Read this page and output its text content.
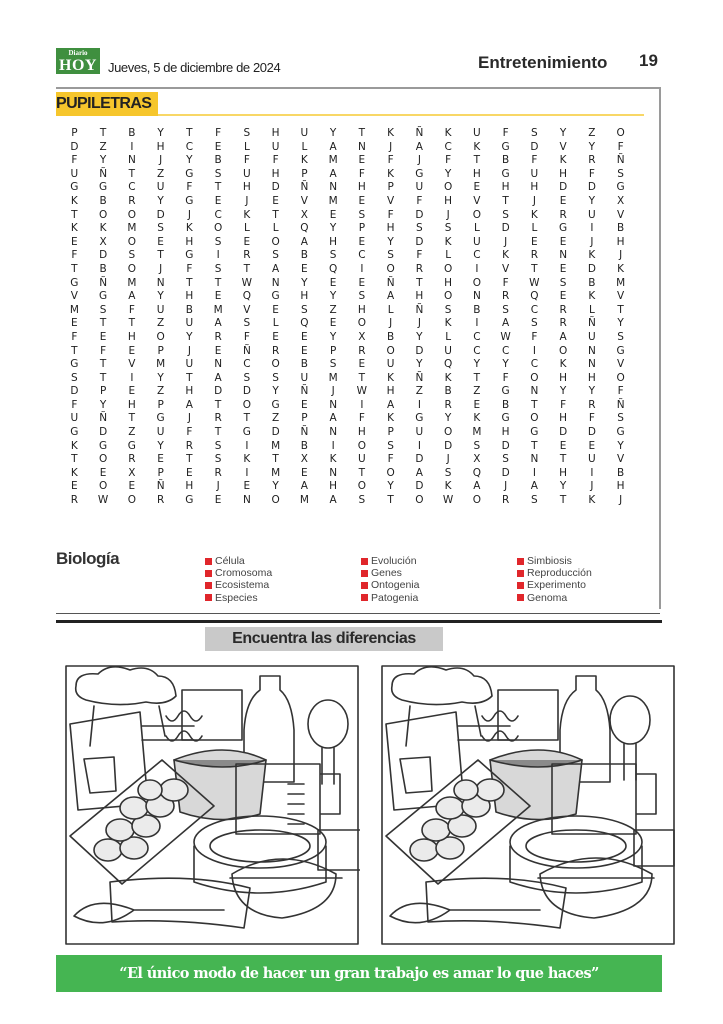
Diario
HOY Jueves, 5 de diciembre de 2024	Entretenimiento 19
PUPILETRAS
P	T	B	Y	T	F	S	H	U	Y	T	K	Ñ	K	U	F	S	Y	Z	O
D	Z	I	H	C	E	L	U	L	A	N	J	A	C	K	G	D	V	Y	F
F	Y	N	J	Y	B	F	F	K	M	E	F	J	F	T	B	F	K	R	Ñ
U	Ñ	T	Z	G	S	U	H	P	A	F	K	G	Y	H	G	U	H	F	S
G	G	C	U	F	T	H	D	Ñ	N	H	P	U	O	E	H	H	D	D	G
K	B	R	Y	G	E	J	E	V	M	E	V	F	H	V	T	J	E	Y	X
T	O	O	D	J	C	K	T	X	E	S	F	D	J	O	S	K	R	U	V
K	K	M	S	K	O	L	L	Q	Y	P	H	S	S	L	D	L	G	I	B
E	X	O	E	H	S	E	O	A	H	E	Y	D	K	U	J	E	E	J	H
F	D	S	T	G	I	R	S	B	S	C	S	F	L	C	K	R	N	K	J
T	B	O	J	F	S	T	A	E	Q	I	O	R	O	I	V	T	E	D	K
G	Ñ	M	N	T	T	W	N	Y	E	E	Ñ	T	H	O	F	W	S	B	M
V	G	A	Y	H	E	Q	G	H	Y	S	A	H	O	N	R	Q	E	K	V
M	S	F	U	B	M	V	E	S	Z	H	L	Ñ	S	B	S	C	R	L	T
E	T	T	Z	U	A	S	L	Q	E	O	J	J	K	I	A	S	R	Ñ	Y
F	E	H	O	Y	R	F	E	E	Y	X	B	Y	L	C	W	F	A	U	S
T	F	E	P	J	E	Ñ	R	E	P	R	O	D	U	C	C	I	O	N	G
G	T	V	M	U	N	C	O	B	S	E	U	Y	Q	Y	Y	C	K	N	V
S	T	I	Y	T	A	S	S	U	M	T	K	Ñ	K	T	F	O	H	H	O
D	P	E	Z	H	D	D	Y	Ñ	J	W	H	Z	B	Z	G	N	Y	Y	F
F	Y	H	P	A	T	O	G	E	N	I	A	I	R	E	B	T	F	R	Ñ
U	Ñ	T	G	J	R	T	Z	P	A	F	K	G	Y	K	G	O	H	F	S
G	D	Z	U	F	T	G	D	Ñ	N	H	P	U	O	M	H	G	D	D	G
K	G	G	Y	R	S	I	M	B	I	O	S	I	D	S	D	T	E	E	Y
T	O	R	E	T	S	K	T	X	K	U	F	D	J	X	S	N	T	U	V
K	E	X	P	E	R	I	M	E	N	T	O	A	S	Q	D	I	H	I	B
E	O	E	Ñ	H	J	E	Y	A	H	O	Y	D	K	A	J	A	Y	J	H
R	W	O	R	G	E	N	O	M	A	S	T	O	W	O	R	S	T	K	J
Biología	Célula
Cromosoma
Ecosistema
Especies
Evolución
Genes
Ontogenia
Patogenia
Simbiosis
Reproducción
Experimento
Genoma
Encuentra las diferencias
“El único modo de hacer un gran trabajo es amar lo que haces”
